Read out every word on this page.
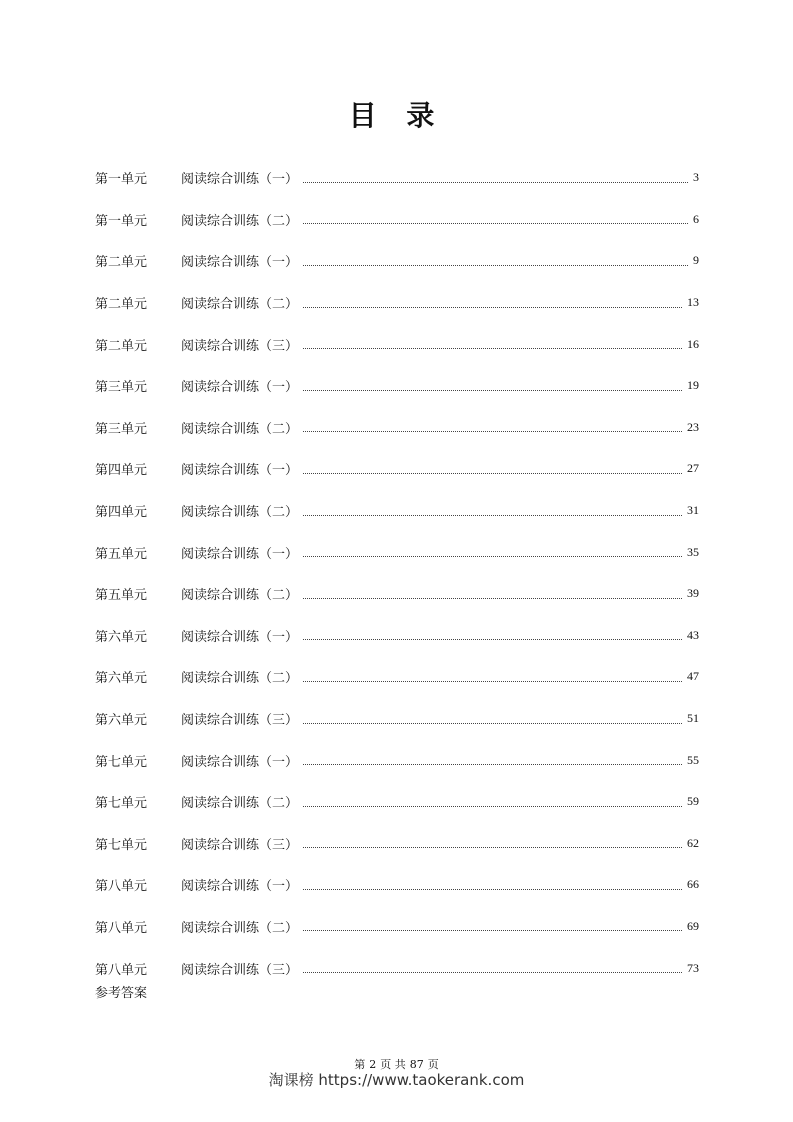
目 录
第一单元	阅读综合训练（一）	3
第一单元	阅读综合训练（二）	6
第二单元	阅读综合训练（一）	9
第二单元	阅读综合训练（二）	13
第二单元	阅读综合训练（三）	16
第三单元	阅读综合训练（一）	19
第三单元	阅读综合训练（二）	23
第四单元	阅读综合训练（一）	27
第四单元	阅读综合训练（二）	31
第五单元	阅读综合训练（一）	35
第五单元	阅读综合训练（二）	39
第六单元	阅读综合训练（一）	43
第六单元	阅读综合训练（二）	47
第六单元	阅读综合训练（三）	51
第七单元	阅读综合训练（一）	55
第七单元	阅读综合训练（二）	59
第七单元	阅读综合训练（三）	62
第八单元	阅读综合训练（一）	66
第八单元	阅读综合训练（二）	69
第八单元	阅读综合训练（三）	73
参考答案
第 2 页 共 87 页
淘课榜 https://www.taokerank.com
